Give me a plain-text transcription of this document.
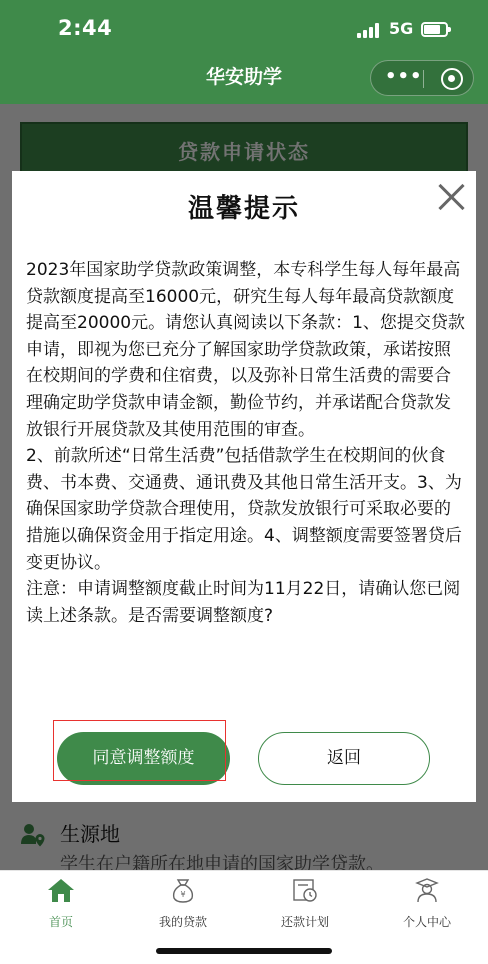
2:44	5G
华安助学	•••
温馨提示

2023年国家助学贷款政策调整，本专科学生每人每年最高贷款额度提高至16000元，研究生每人每年最高贷款额度提高至20000元。请您认真阅读以下条款：1、您提交贷款申请，即视为您已充分了解国家助学贷款政策，承诺按照在校期间的学费和住宿费，以及弥补日常生活费的需要合理确定助学贷款申请金额，勤俭节约，并承诺配合贷款发放银行开展贷款及其使用范围的审查。

2、前款所述“日常生活费”包括借款学生在校期间的伙食费、书本费、交通费、通讯费及其他日常生活开支。3、为确保国家助学贷款合理使用，贷款发放银行可采取必要的措施以确保资金用于指定用途。4、调整额度需要签署贷后变更协议。

注意：申请调整额度截止时间为11月22日，请确认您已阅读上述条款。是否需要调整额度?

同意调整额度	返回
首页
¥
我的贷款	还款计划	个人中心
